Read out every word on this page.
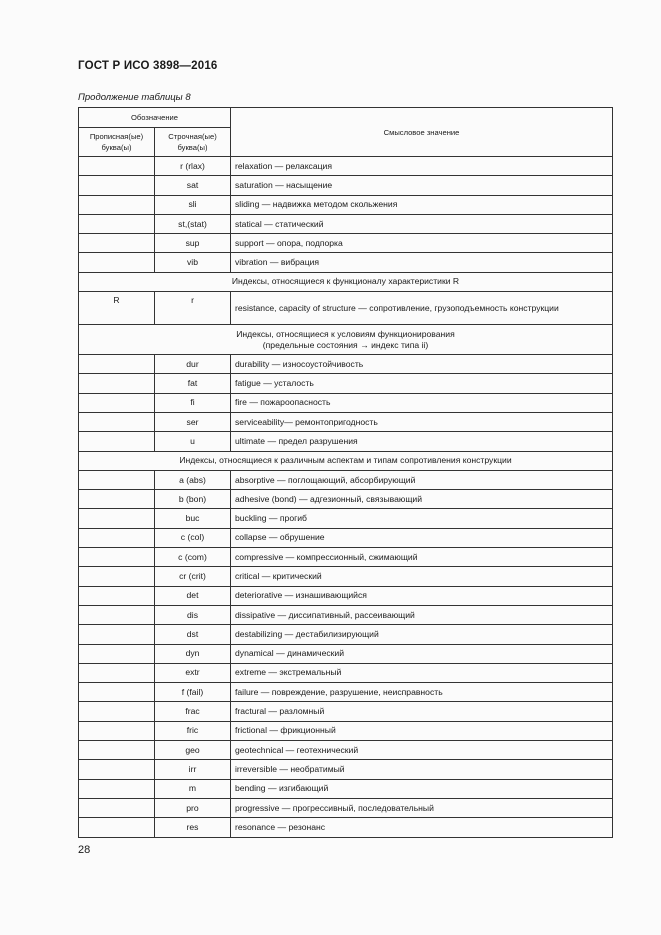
ГОСТ Р ИСО 3898—2016
Продолжение таблицы 8
Обозначение		Смысловое значение
Прописная(ые) буква(ы)	Строчная(ые) буква(ы)	
	r (rlax)	relaxation — релаксация
	sat	saturation — насыщение
	sli	sliding — надвижка методом скольжения
	st,(stat)	statical — статический
	sup	support — опора, подпорка
	vib	vibration — вибрация
Индексы, относящиеся к функционалу характеристики R		
R	r	resistance, capacity of structure — сопротивление, грузоподъемность конструкции

Индексы, относящиеся к условиям функционирования
(предельные состояния → индекс типа ii)		

	dur	durability — износоустойчивость
	fat	fatigue — усталость
	fi	fire — пожароопасность
	ser	serviceability— ремонтопригодность
	u	ultimate — предел разрушения
Индексы, относящиеся к различным аспектам и типам сопротивления конструкции		
	a (abs)	absorptive — поглощающий, абсорбирующий
	b (bon)	adhesive (bond) — адгезионный, связывающий
	buc	buckling — прогиб
	c (col)	collapse — обрушение
	c (com)	compressive — компрессионный, сжимающий
	cr (crit)	critical — критический
	det	deteriorative — изнашивающийся
	dis	dissipative — диссипативный, рассеивающий
	dst	destabilizing — дестабилизирующий
	dyn	dynamical — динамический
	extr	extreme — экстремальный
	f (fail)	failure — повреждение, разрушение, неисправность
	frac	fractural — разломный
	fric	frictional — фрикционный
	geo	geotechnical — геотехнический
	irr	irreversible — необратимый
	m	bending — изгибающий
	pro	progressive — прогрессивный, последовательный
	res	resonance — резонанс
28
